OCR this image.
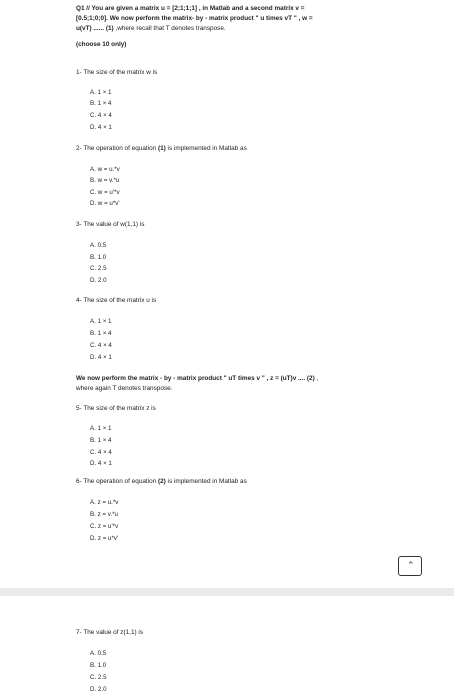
Q1 // You are given a matrix u = [2;1;1;1] , in Matlab and a second matrix v =
[0.5;1;0;0]. We now perform the matrix- by - matrix product " u times vT " , w =
u(vT) ...... (1) ,where recall that T denotes transpose.
(choose 10 only)
1- The size of the matrix w is
A. 1 × 1
B. 1 × 4
C. 4 × 4
D. 4 × 1
2- The operation of equation (1) is implemented in Matlab as
A. w = u.*v
B. w = v.*u
C. w = u'*v
D. w = u*v'
3- The value of w(1,1) is
A. 0.5
B. 1.0
C. 2.5
D. 2.0
4- The size of the matrix u is
A. 1 × 1
B. 1 × 4
C. 4 × 4
D. 4 × 1
We now perform the matrix - by - matrix product " uT times v " , z = (uT)v .... (2) ,
where again T denotes transpose.
5- The size of the matrix z is
A. 1 × 1
B. 1 × 4
C. 4 × 4
D. 4 × 1
6- The operation of equation (2) is implemented in Matlab as
A. z = u.*v
B. z = v.*u
C. z = u'*v
D. z = u*v'
⌃
7- The value of z(1,1) is
A. 0.5
B. 1.0
C. 2.5
D. 2.0
